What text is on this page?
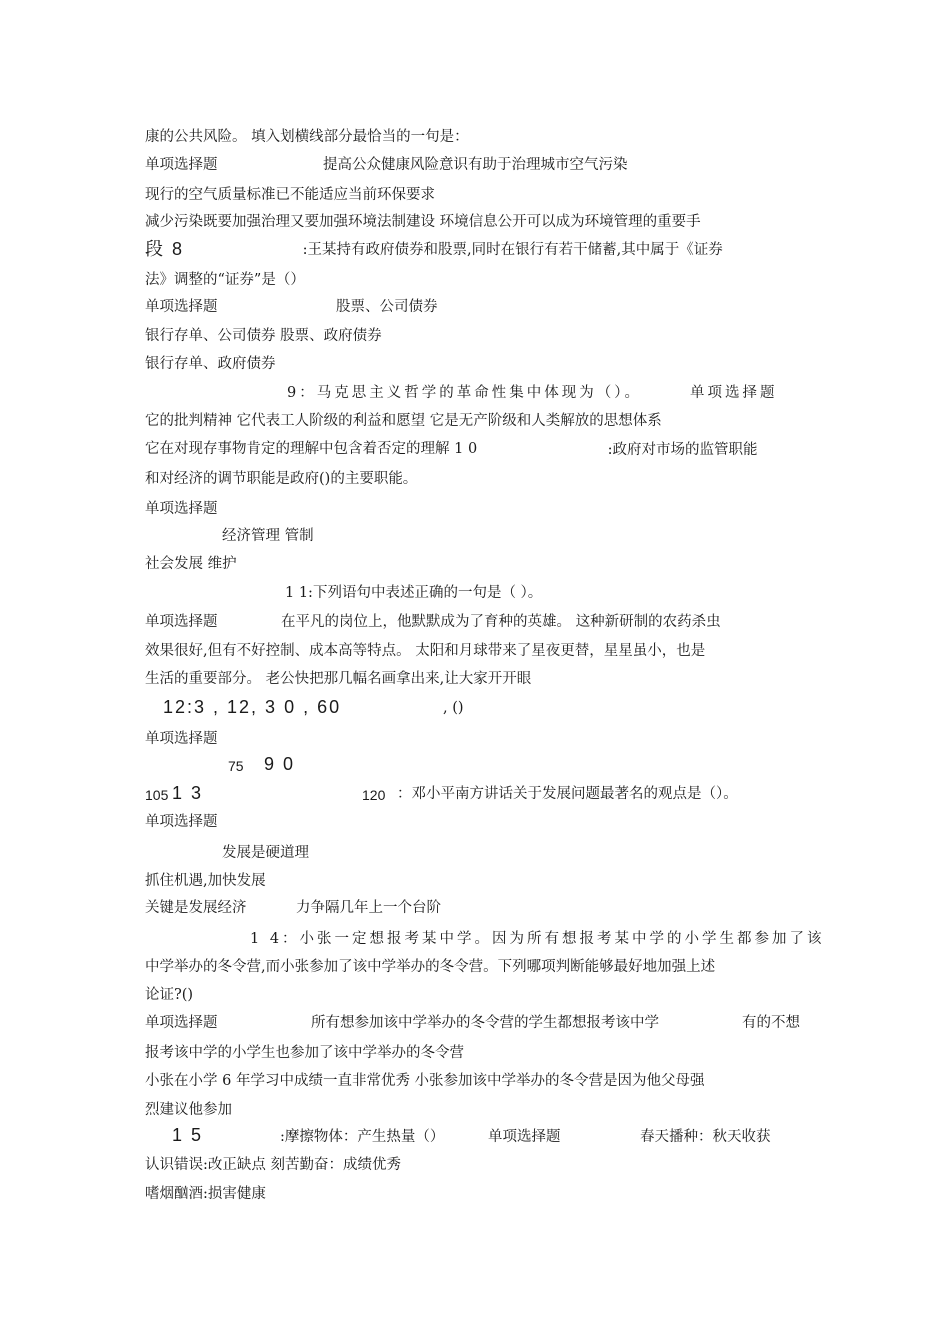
康的公共风险。 填入划横线部分最恰当的一句是：
单项选择题	提高公众健康风险意识有助于治理城市空气污染
现行的空气质量标准已不能适应当前环保要求
减少污染既要加强治理又要加强环境法制建设 环境信息公开可以成为环境管理的重要手
段 8	:王某持有政府债券和股票,同时在银行有若干储蓄,其中属于《证券
法》调整的“证券”是（）
单项选择题	股票、公司债券
银行存单、公司债券 股票、政府债券
银行存单、政府债券
9：马克思主义哲学的革命性集中体现为（）。	单项选择题
它的批判精神 它代表工人阶级的利益和愿望 它是无产阶级和人类解放的思想体系
它在对现存事物肯定的理解中包含着否定的理解 1 0	:政府对市场的监管职能
和对经济的调节职能是政府()的主要职能。
单项选择题
经济管理 管制
社会发展 维护
1 1:下列语句中表述正确的一句是（ ）。
单项选择题	在平凡的岗位上，他默默成为了育种的英雄。 这种新研制的农药杀虫
效果很好,但有不好控制、成本高等特点。 太阳和月球带来了星夜更替，星星虽小，也是
生活的重要部分。 老公快把那几幅名画拿出来,让大家开开眼
12:3 , 12, 3 0 , 60	, ()
单项选择题
75 9 0
105 1 3	120 ：邓小平南方讲话关于发展问题最著名的观点是（）。
单项选择题
发展是硬道理
抓住机遇,加快发展
关键是发展经济	力争隔几年上一个台阶
1 4：小张一定想报考某中学。因为所有想报考某中学的小学生都参加了该
中学举办的冬令营,而小张参加了该中学举办的冬令营。下列哪项判断能够最好地加强上述
论证?()
单项选择题	所有想参加该中学举办的冬令营的学生都想报考该中学	有的不想
报考该中学的小学生也参加了该中学举办的冬令营
小张在小学 6 年学习中成绩一直非常优秀 小张参加该中学举办的冬令营是因为他父母强
烈建议他参加
1 5	:摩擦物体：产生热量（）	单项选择题	春天播种：秋天收获
认识错误:改正缺点 刻苦勤奋：成绩优秀
嗜烟酗酒:损害健康
